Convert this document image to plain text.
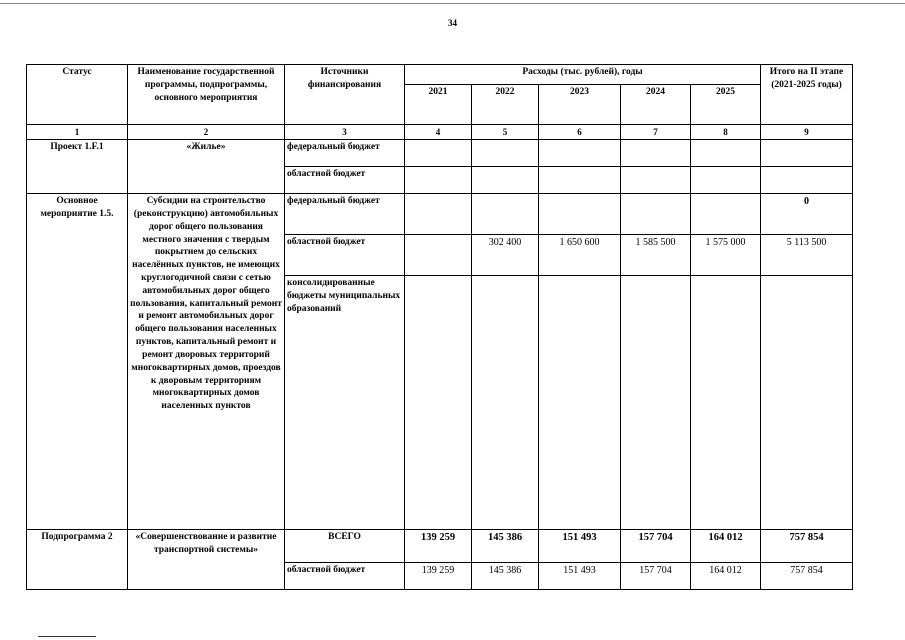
34
Статус	Наименование государственной программы, подпрограммы, основного мероприятия	Источники финансирования	Расходы (тыс. рублей), годы					Итого на II этапе (2021-2025 годы)
			2021	2022	2023	2024	2025	
1	2	3	4	5	6	7	8	9
Проект 1.F.1	«Жилье»	федеральный бюджет						
		областной бюджет						
Основное мероприятие 1.5.	Субсидии на строительство (реконструкцию) автомобильных дорог общего пользования местного значения с твердым покрытием до сельских населённых пунктов, не имеющих круглогодичной связи с сетью автомобильных дорог общего пользования, капитальный ремонт и ремонт автомобильных дорог общего пользования населенных пунктов, капитальный ремонт и ремонт дворовых территорий многоквартирных домов, проездов к дворовым территориям многоквартирных домов населенных пунктов	федеральный бюджет						0
		областной бюджет		302 400	1 650 600	1 585 500	1 575 000	5 113 500
		консолидированные бюджеты муниципальных образований						
Подпрограмма 2	«Совершенствование и развитие транспортной системы»	ВСЕГО	139 259	145 386	151 493	157 704	164 012	757 854
		областной бюджет	139 259	145 386	151 493	157 704	164 012	757 854
